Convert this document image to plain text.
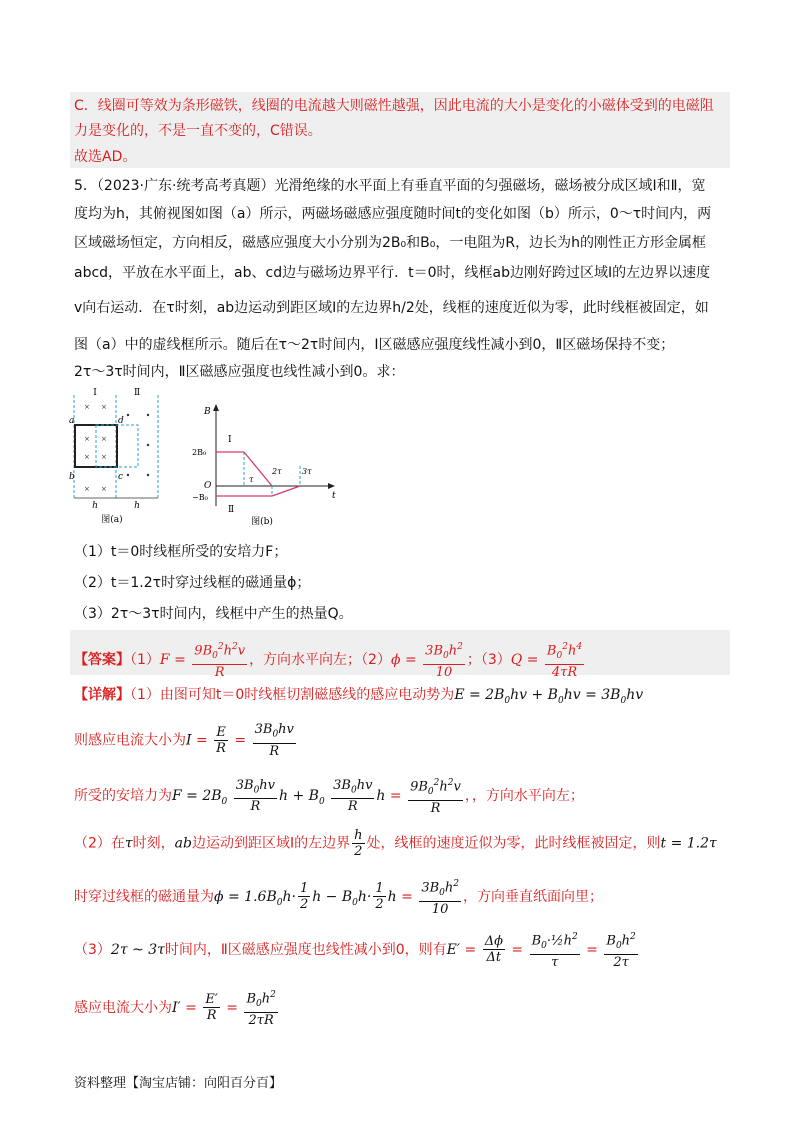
C．线圈可等效为条形磁铁，线圈的电流越大则磁性越强，因此电流的大小是变化的小磁体受到的电磁阻
力是变化的，不是一直不变的，C错误。
故选AD。
5．（2023·广东·统考高考真题）光滑绝缘的水平面上有垂直平面的匀强磁场，磁场被分成区域Ⅰ和Ⅱ，宽
度均为h，其俯视图如图（a）所示，两磁场磁感应强度随时间t的变化如图（b）所示，0～τ时间内，两
区域磁场恒定，方向相反，磁感应强度大小分别为2B₀和B₀，一电阻为R，边长为h的刚性正方形金属框
abcd，平放在水平面上，ab、cd边与磁场边界平行．t＝0时，线框ab边刚好跨过区域Ⅰ的左边界以速度
v向右运动．在τ时刻，ab边运动到距区域Ⅰ的左边界h/2处，线框的速度近似为零，此时线框被固定，如
图（a）中的虚线框所示。随后在τ～2τ时间内，Ⅰ区磁感应强度线性减小到0，Ⅱ区磁场保持不变；
2τ～3τ时间内，Ⅱ区磁感应强度也线性减小到0。求：
Ⅰ	Ⅱ
× ×
× ×
× ×
× ×
a
b	c
d
h	h
图(a)
B
t
O
2B₀
−B₀
Ⅰ
Ⅱ
τ
2τ	3τ
图(b)
（1）t＝0时线框所受的安培力F；
（2）t＝1.2τ时穿过线框的磁通量ϕ；
（3）2τ～3τ时间内，线框中产生的热量Q。
【答案】$(1)F = \frac{9B_0^2h^2v}{R}$ ，方向水平向左；$(2)\phi = \frac{3B_0h^2}{10}$ ；$(3)Q = \frac{B_0^2h^4}{4\tau R}$
【详解】（1）由图可知t＝0时线框切割磁感线的感应电动势为$E = 2B_0hv + B_0hv = 3B_0hv$
则感应电流大小为$I = \frac{E}{R} = \frac{3B_0hv}{R}$
所受的安培力为$F = 2B_0 \frac{3B_0hv}{R}$ $h + B_0 \frac{3B_0hv}{R}$ $h = \frac{9B_0^2h^2v}{R}$ ，，方向水平向左；
（2）在τ时刻，ab边运动到距区域Ⅰ的左边界 $\frac{h}{2}$ 处，线框的速度近似为零，此时线框被固定，则t = 1.2τ
时穿过线框的磁通量为$\phi = 1.6B_0h\cdot \frac{1}{2}$ $h - B_0h\cdot \frac{1}{2}$ $h = \frac{3B_0h^2}{10}$ ，方向垂直纸面向里；
（3）2τ ~ 3τ时间内，Ⅱ区磁感应强度也线性减小到0，则有$E' = \frac{\Delta\phi}{\Delta t} = \frac{B_0\cdot\frac{1}{2}h^2}{\tau} = \frac{B_0h^2}{2\tau}$
感应电流大小为$I' = \frac{E'}{R} = \frac{B_0h^2}{2\tau R}$
资料整理【淘宝店铺：向阳百分百】
